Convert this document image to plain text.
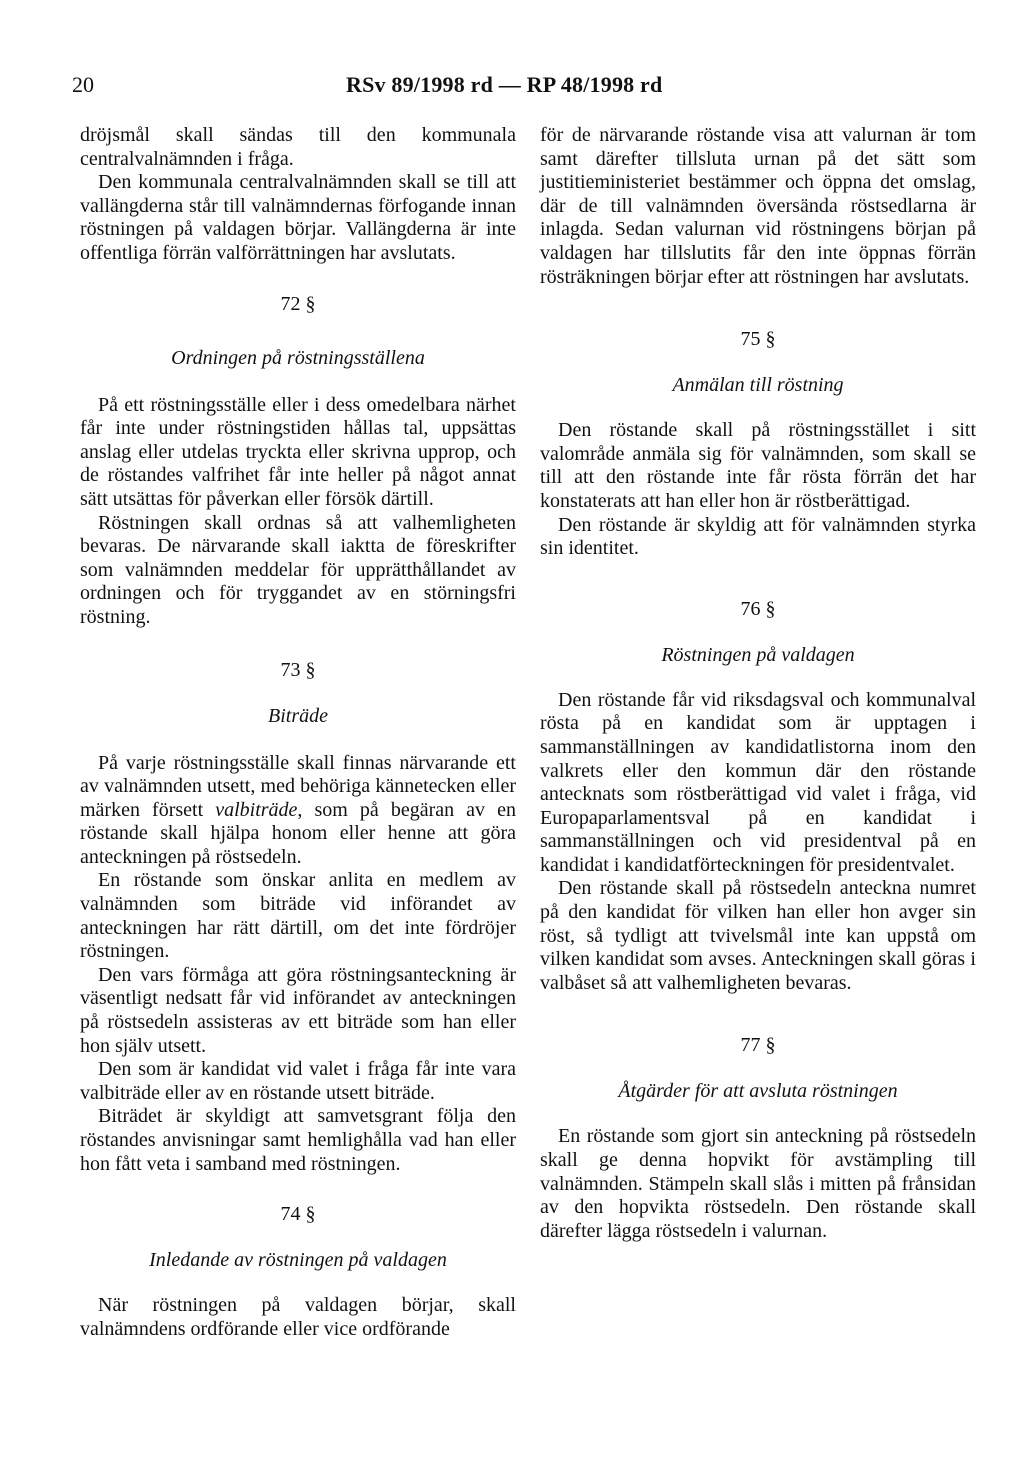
20	RSv 89/1998 rd — RP 48/1998 rd

dröjsmål skall sändas till den kommunala centralvalnämnden i fråga.

Den kommunala centralvalnämnden skall se till att vallängderna står till valnämndernas förfogande innan röstningen på valdagen börjar. Vallängderna är inte offentliga förrän valförrättningen har avslutats.

72 §
Ordningen på röstningsställena

På ett röstningsställe eller i dess omedelbara närhet får inte under röstningstiden hållas tal, uppsättas anslag eller utdelas tryckta eller skrivna upprop, och de röstandes valfrihet får inte heller på något annat sätt utsättas för påverkan eller försök därtill.

Röstningen skall ordnas så att valhemligheten bevaras. De närvarande skall iaktta de föreskrifter som valnämnden meddelar för upprätthållandet av ordningen och för tryggandet av en störningsfri röstning.

73 §
Biträde

På varje röstningsställe skall finnas närvarande ett av valnämnden utsett, med behöriga kännetecken eller märken försett valbiträde, som på begäran av en röstande skall hjälpa honom eller henne att göra anteckningen på röstsedeln.

En röstande som önskar anlita en medlem av valnämnden som biträde vid införandet av anteckningen har rätt därtill, om det inte fördröjer röstningen.

Den vars förmåga att göra röstningsanteckning är väsentligt nedsatt får vid införandet av anteckningen på röstsedeln assisteras av ett biträde som han eller hon själv utsett.

Den som är kandidat vid valet i fråga får inte vara valbiträde eller av en röstande utsett biträde.

Biträdet är skyldigt att samvetsgrant följa den röstandes anvisningar samt hemlighålla vad han eller hon fått veta i samband med röstningen.

74 §
Inledande av röstningen på valdagen

När röstningen på valdagen börjar, skall valnämndens ordförande eller vice ordförande

för de närvarande röstande visa att valurnan är tom samt därefter tillsluta urnan på det sätt som justitieministeriet bestämmer och öppna det omslag, där de till valnämnden översända röstsedlarna är inlagda. Sedan valurnan vid röstningens början på valdagen har tillslutits får den inte öppnas förrän rösträkningen börjar efter att röstningen har avslutats.

75 §
Anmälan till röstning

Den röstande skall på röstningsstället i sitt valområde anmäla sig för valnämnden, som skall se till att den röstande inte får rösta förrän det har konstaterats att han eller hon är röstberättigad.

Den röstande är skyldig att för valnämnden styrka sin identitet.

76 §
Röstningen på valdagen

Den röstande får vid riksdagsval och kommunalval rösta på en kandidat som är upptagen i sammanställningen av kandidatlistorna inom den valkrets eller den kommun där den röstande antecknats som röstberättigad vid valet i fråga, vid Europaparlamentsval på en kandidat i sammanställningen och vid presidentval på en kandidat i kandidatförteckningen för presidentvalet.

Den röstande skall på röstsedeln anteckna numret på den kandidat för vilken han eller hon avger sin röst, så tydligt att tvivelsmål inte kan uppstå om vilken kandidat som avses. Anteckningen skall göras i valbåset så att valhemligheten bevaras.

77 §
Åtgärder för att avsluta röstningen

En röstande som gjort sin anteckning på röstsedeln skall ge denna hopvikt för avstämpling till valnämnden. Stämpeln skall slås i mitten på frånsidan av den hopvikta röstsedeln. Den röstande skall därefter lägga röstsedeln i valurnan.
